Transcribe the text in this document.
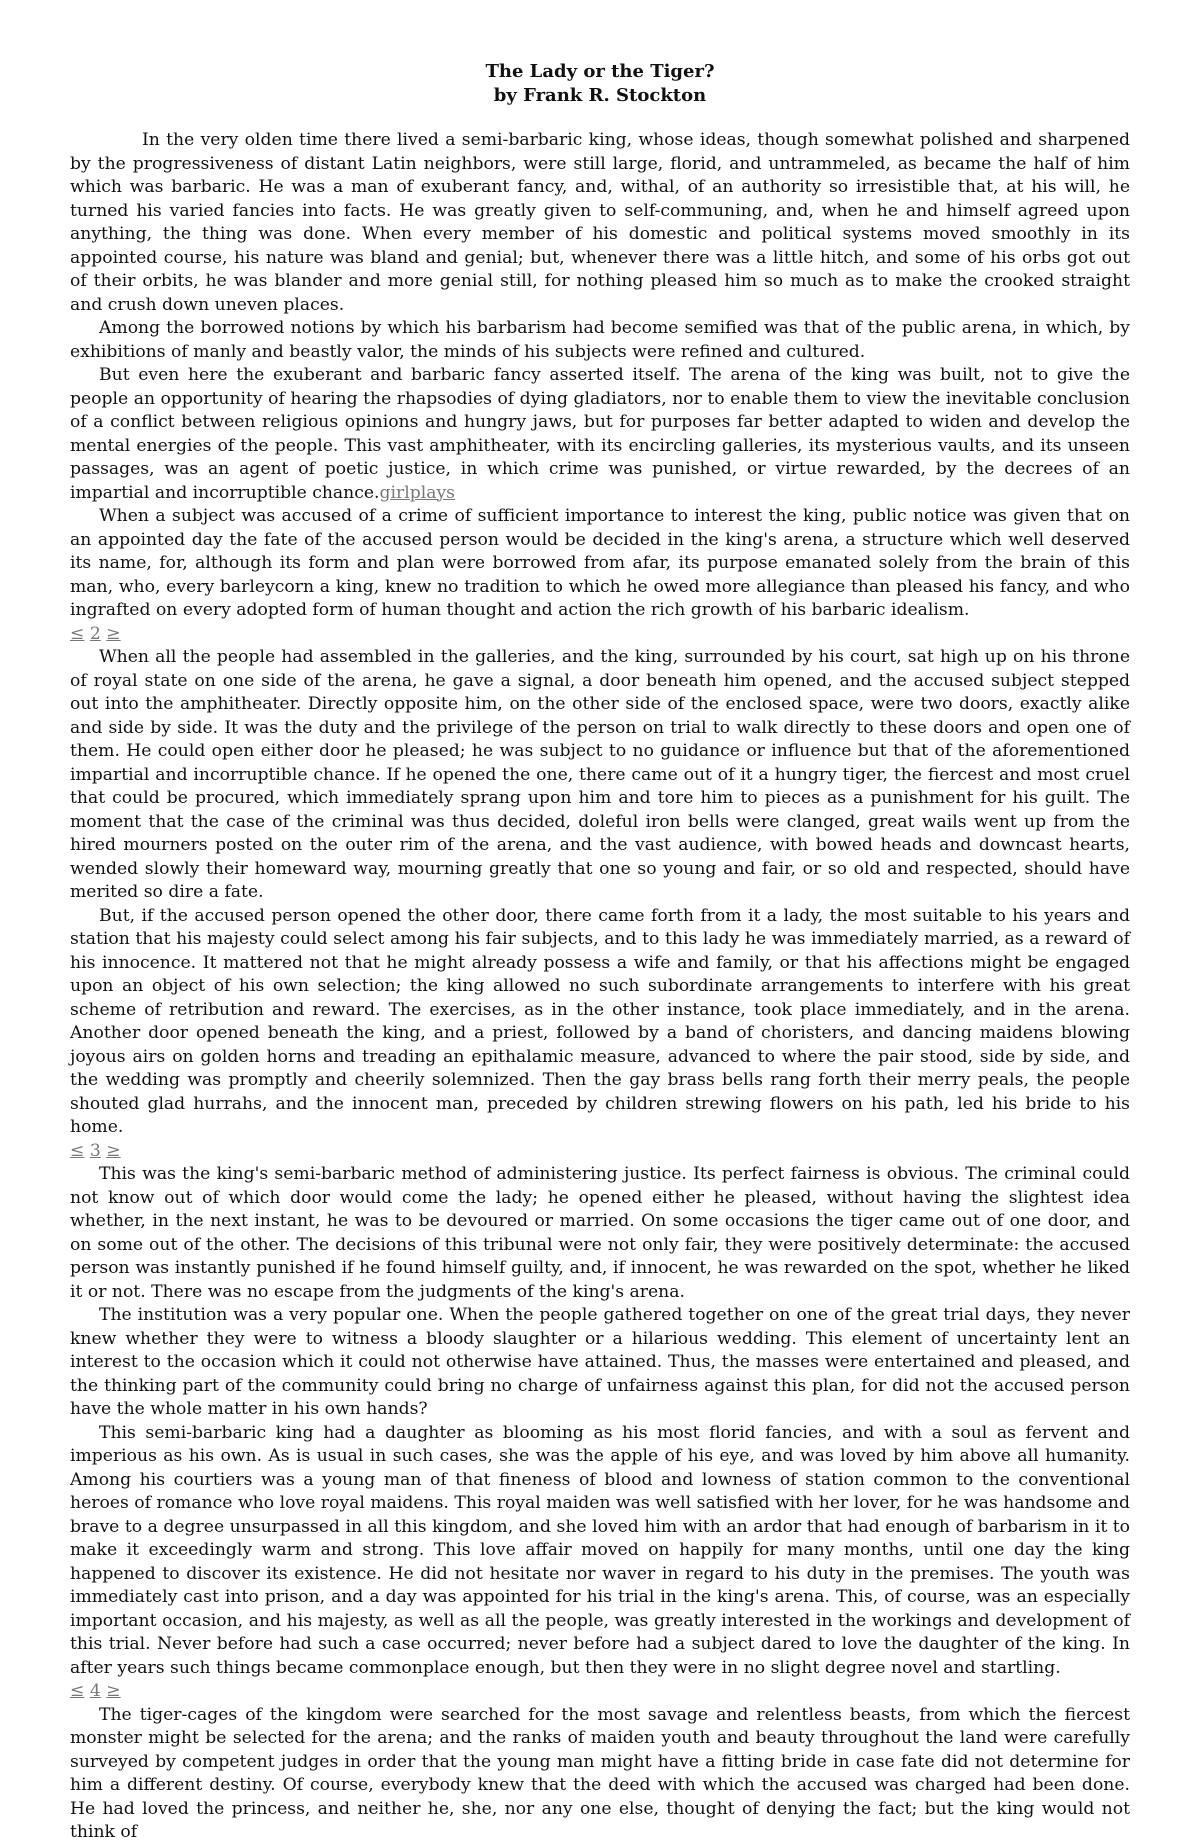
The Lady or the Tiger?

by Frank R. Stockton

In the very olden time there lived a semi-barbaric king, whose ideas, though somewhat polished and sharpened by the progressiveness of distant Latin neighbors, were still large, florid, and untrammeled, as became the half of him which was barbaric. He was a man of exuberant fancy, and, withal, of an authority so irresistible that, at his will, he turned his varied fancies into facts. He was greatly given to self-communing, and, when he and himself agreed upon anything, the thing was done. When every member of his domestic and political systems moved smoothly in its appointed course, his nature was bland and genial; but, whenever there was a little hitch, and some of his orbs got out of their orbits, he was blander and more genial still, for nothing pleased him so much as to make the crooked straight and crush down uneven places.

Among the borrowed notions by which his barbarism had become semified was that of the public arena, in which, by exhibitions of manly and beastly valor, the minds of his subjects were refined and cultured.

But even here the exuberant and barbaric fancy asserted itself. The arena of the king was built, not to give the people an opportunity of hearing the rhapsodies of dying gladiators, nor to enable them to view the inevitable conclusion of a conflict between religious opinions and hungry jaws, but for purposes far better adapted to widen and develop the mental energies of the people. This vast amphitheater, with its encircling galleries, its mysterious vaults, and its unseen passages, was an agent of poetic justice, in which crime was punished, or virtue rewarded, by the decrees of an impartial and incorruptible chance.girlplays

When a subject was accused of a crime of sufficient importance to interest the king, public notice was given that on an appointed day the fate of the accused person would be decided in the king's arena, a structure which well deserved its name, for, although its form and plan were borrowed from afar, its purpose emanated solely from the brain of this man, who, every barleycorn a king, knew no tradition to which he owed more allegiance than pleased his fancy, and who ingrafted on every adopted form of human thought and action the rich growth of his barbaric idealism.

≤ 2 ≥

When all the people had assembled in the galleries, and the king, surrounded by his court, sat high up on his throne of royal state on one side of the arena, he gave a signal, a door beneath him opened, and the accused subject stepped out into the amphitheater. Directly opposite him, on the other side of the enclosed space, were two doors, exactly alike and side by side. It was the duty and the privilege of the person on trial to walk directly to these doors and open one of them. He could open either door he pleased; he was subject to no guidance or influence but that of the aforementioned impartial and incorruptible chance. If he opened the one, there came out of it a hungry tiger, the fiercest and most cruel that could be procured, which immediately sprang upon him and tore him to pieces as a punishment for his guilt. The moment that the case of the criminal was thus decided, doleful iron bells were clanged, great wails went up from the hired mourners posted on the outer rim of the arena, and the vast audience, with bowed heads and downcast hearts, wended slowly their homeward way, mourning greatly that one so young and fair, or so old and respected, should have merited so dire a fate.

But, if the accused person opened the other door, there came forth from it a lady, the most suitable to his years and station that his majesty could select among his fair subjects, and to this lady he was immediately married, as a reward of his innocence. It mattered not that he might already possess a wife and family, or that his affections might be engaged upon an object of his own selection; the king allowed no such subordinate arrangements to interfere with his great scheme of retribution and reward. The exercises, as in the other instance, took place immediately, and in the arena. Another door opened beneath the king, and a priest, followed by a band of choristers, and dancing maidens blowing joyous airs on golden horns and treading an epithalamic measure, advanced to where the pair stood, side by side, and the wedding was promptly and cheerily solemnized. Then the gay brass bells rang forth their merry peals, the people shouted glad hurrahs, and the innocent man, preceded by children strewing flowers on his path, led his bride to his home.

≤ 3 ≥

This was the king's semi-barbaric method of administering justice. Its perfect fairness is obvious. The criminal could not know out of which door would come the lady; he opened either he pleased, without having the slightest idea whether, in the next instant, he was to be devoured or married. On some occasions the tiger came out of one door, and on some out of the other. The decisions of this tribunal were not only fair, they were positively determinate: the accused person was instantly punished if he found himself guilty, and, if innocent, he was rewarded on the spot, whether he liked it or not. There was no escape from the judgments of the king's arena.

The institution was a very popular one. When the people gathered together on one of the great trial days, they never knew whether they were to witness a bloody slaughter or a hilarious wedding. This element of uncertainty lent an interest to the occasion which it could not otherwise have attained. Thus, the masses were entertained and pleased, and the thinking part of the community could bring no charge of unfairness against this plan, for did not the accused person have the whole matter in his own hands?

This semi-barbaric king had a daughter as blooming as his most florid fancies, and with a soul as fervent and imperious as his own. As is usual in such cases, she was the apple of his eye, and was loved by him above all humanity. Among his courtiers was a young man of that fineness of blood and lowness of station common to the conventional heroes of romance who love royal maidens. This royal maiden was well satisfied with her lover, for he was handsome and brave to a degree unsurpassed in all this kingdom, and she loved him with an ardor that had enough of barbarism in it to make it exceedingly warm and strong. This love affair moved on happily for many months, until one day the king happened to discover its existence. He did not hesitate nor waver in regard to his duty in the premises. The youth was immediately cast into prison, and a day was appointed for his trial in the king's arena. This, of course, was an especially important occasion, and his majesty, as well as all the people, was greatly interested in the workings and development of this trial. Never before had such a case occurred; never before had a subject dared to love the daughter of the king. In after years such things became commonplace enough, but then they were in no slight degree novel and startling.

≤ 4 ≥

The tiger-cages of the kingdom were searched for the most savage and relentless beasts, from which the fiercest monster might be selected for the arena; and the ranks of maiden youth and beauty throughout the land were carefully surveyed by competent judges in order that the young man might have a fitting bride in case fate did not determine for him a different destiny. Of course, everybody knew that the deed with which the accused was charged had been done. He had loved the princess, and neither he, she, nor any one else, thought of denying the fact; but the king would not think of
